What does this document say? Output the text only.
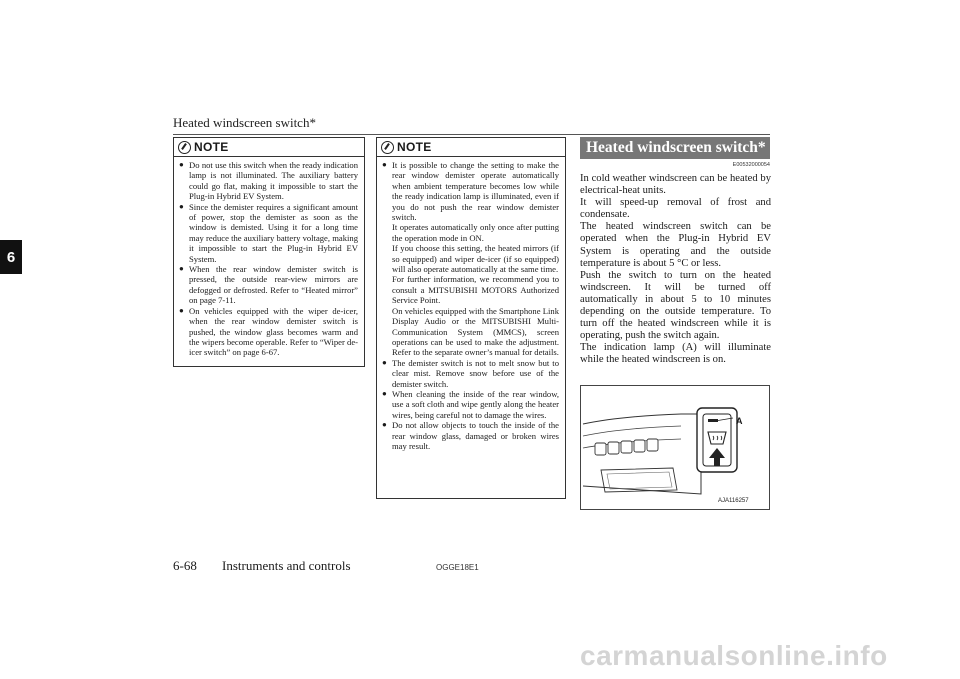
Heated windscreen switch*
6
NOTE

● Do not use this switch when the ready indication lamp is not illuminated. The auxiliary battery could go flat, making it impossible to start the Plug-in Hybrid EV System.

● Since the demister requires a significant amount of power, stop the demister as soon as the window is demisted. Using it for a long time may reduce the auxiliary battery voltage, making it impossible to start the Plug-in Hybrid EV System.

● When the rear window demister switch is pressed, the outside rear-view mirrors are defogged or defrosted. Refer to “Heated mirror” on page 7-11.

● On vehicles equipped with the wiper de-icer, when the rear window demister switch is pushed, the window glass becomes warm and the wipers become operable. Refer to “Wiper de-icer switch” on page 6-67.

NOTE

● It is possible to change the setting to make the rear window demister operate automatically when ambient temperature becomes low while the ready indication lamp is illuminated, even if you do not push the rear window demister switch.

It operates automatically only once after putting the operation mode in ON.

If you choose this setting, the heated mirrors (if so equipped) and wiper de-icer (if so equipped) will also operate automatically at the same time.

For further information, we recommend you to consult a MITSUBISHI MOTORS Authorized Service Point.

On vehicles equipped with the Smartphone Link Display Audio or the MITSUBISHI Multi-Communication System (MMCS), screen operations can be used to make the adjustment. Refer to the separate owner’s manual for details.

● The demister switch is not to melt snow but to clear mist. Remove snow before use of the demister switch.

● When cleaning the inside of the rear window, use a soft cloth and wipe gently along the heater wires, being careful not to damage the wires.

● Do not allow objects to touch the inside of the rear window glass, damaged or broken wires may result.

Heated windscreen switch*
E00532000054

In cold weather windscreen can be heated by electrical-heat units.

It will speed-up removal of frost and condensate.

The heated windscreen switch can be operated when the Plug-in Hybrid EV System is operating and the outside temperature is about 5 °C or less.

Push the switch to turn on the heated windscreen. It will be turned off automatically in about 5 to 10 minutes depending on the outside temperature. To turn off the heated windscreen while it is operating, push the switch again.

The indication lamp (A) will illuminate while the heated windscreen is on.

A
AJA116257
6-68 Instruments and controls	OGGE18E1
carmanualsonline.info
